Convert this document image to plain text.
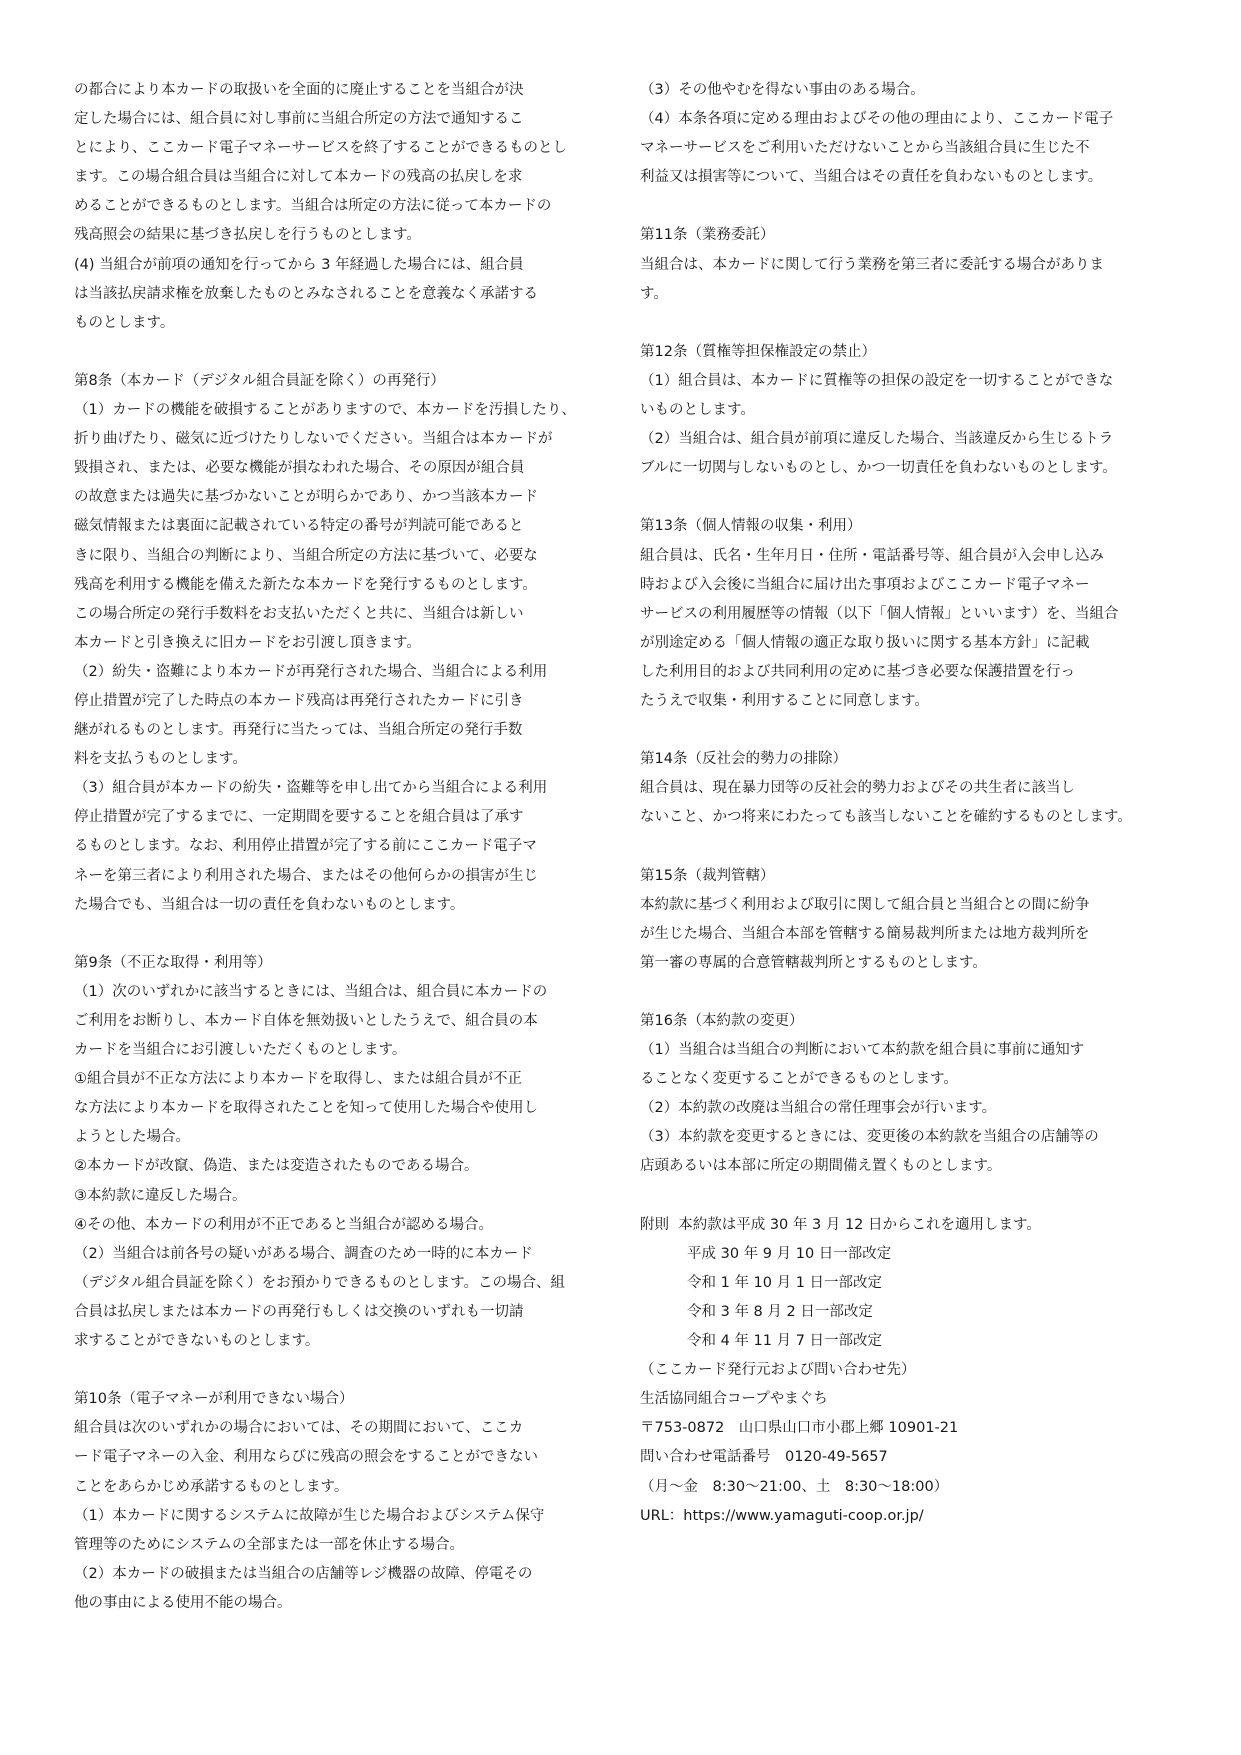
の都合により本カードの取扱いを全面的に廃止することを当組合が決
定した場合には、組合員に対し事前に当組合所定の方法で通知するこ
とにより、ここカード電子マネーサービスを終了することができるものとし
ます。この場合組合員は当組合に対して本カードの残高の払戻しを求
めることができるものとします。当組合は所定の方法に従って本カードの
残高照会の結果に基づき払戻しを行うものとします。
(4) 当組合が前項の通知を行ってから 3 年経過した場合には、組合員
は当該払戻請求権を放棄したものとみなされることを意義なく承諾する
ものとします。
第8条（本カード（デジタル組合員証を除く）の再発行）
（1）カードの機能を破損することがありますので、本カードを汚損したり、
折り曲げたり、磁気に近づけたりしないでください。当組合は本カードが
毀損され、または、必要な機能が損なわれた場合、その原因が組合員
の故意または過失に基づかないことが明らかであり、かつ当該本カード
磁気情報または裏面に記載されている特定の番号が判読可能であると
きに限り、当組合の判断により、当組合所定の方法に基づいて、必要な
残高を利用する機能を備えた新たな本カードを発行するものとします。
この場合所定の発行手数料をお支払いただくと共に、当組合は新しい
本カードと引き換えに旧カードをお引渡し頂きます。
（2）紛失・盗難により本カードが再発行された場合、当組合による利用
停止措置が完了した時点の本カード残高は再発行されたカードに引き
継がれるものとします。再発行に当たっては、当組合所定の発行手数
料を支払うものとします。
（3）組合員が本カードの紛失・盗難等を申し出てから当組合による利用
停止措置が完了するまでに、一定期間を要することを組合員は了承す
るものとします。なお、利用停止措置が完了する前にここカード電子マ
ネーを第三者により利用された場合、またはその他何らかの損害が生じ
た場合でも、当組合は一切の責任を負わないものとします。
第9条（不正な取得・利用等）
（1）次のいずれかに該当するときには、当組合は、組合員に本カードの
ご利用をお断りし、本カード自体を無効扱いとしたうえで、組合員の本
カードを当組合にお引渡しいただくものとします。
①組合員が不正な方法により本カードを取得し、または組合員が不正
な方法により本カードを取得されたことを知って使用した場合や使用し
ようとした場合。
②本カードが改竄、偽造、または変造されたものである場合。
③本約款に違反した場合。
④その他、本カードの利用が不正であると当組合が認める場合。
（2）当組合は前各号の疑いがある場合、調査のため一時的に本カード
（デジタル組合員証を除く）をお預かりできるものとします。この場合、組
合員は払戻しまたは本カードの再発行もしくは交換のいずれも一切請
求することができないものとします。
第10条（電子マネーが利用できない場合）
組合員は次のいずれかの場合においては、その期間において、ここカ
ード電子マネーの入金、利用ならびに残高の照会をすることができない
ことをあらかじめ承諾するものとします。
（1）本カードに関するシステムに故障が生じた場合およびシステム保守
管理等のためにシステムの全部または一部を休止する場合。
（2）本カードの破損または当組合の店舗等レジ機器の故障、停電その
他の事由による使用不能の場合。
（3）その他やむを得ない事由のある場合。
（4）本条各項に定める理由およびその他の理由により、ここカード電子
マネーサービスをご利用いただけないことから当該組合員に生じた不
利益又は損害等について、当組合はその責任を負わないものとします。
第11条（業務委託）
当組合は、本カードに関して行う業務を第三者に委託する場合がありま
す。
第12条（質権等担保権設定の禁止）
（1）組合員は、本カードに質権等の担保の設定を一切することができな
いものとします。
（2）当組合は、組合員が前項に違反した場合、当該違反から生じるトラ
ブルに一切関与しないものとし、かつ一切責任を負わないものとします。
第13条（個人情報の収集・利用）
組合員は、氏名・生年月日・住所・電話番号等、組合員が入会申し込み
時および入会後に当組合に届け出た事項およびここカード電子マネー
サービスの利用履歴等の情報（以下「個人情報」といいます）を、当組合
が別途定める「個人情報の適正な取り扱いに関する基本方針」に記載
した利用目的および共同利用の定めに基づき必要な保護措置を行っ
たうえで収集・利用することに同意します。
第14条（反社会的勢力の排除）
組合員は、現在暴力団等の反社会的勢力およびその共生者に該当し
ないこと、かつ将来にわたっても該当しないことを確約するものとします。
第15条（裁判管轄）
本約款に基づく利用および取引に関して組合員と当組合との間に紛争
が生じた場合、当組合本部を管轄する簡易裁判所または地方裁判所を
第一審の専属的合意管轄裁判所とするものとします。
第16条（本約款の変更）
（1）当組合は当組合の判断において本約款を組合員に事前に通知す
ることなく変更することができるものとします。
（2）本約款の改廃は当組合の常任理事会が行います。
（3）本約款を変更するときには、変更後の本約款を当組合の店舗等の
店頭あるいは本部に所定の期間備え置くものとします。
附則 本約款は平成 30 年 3 月 12 日からこれを適用します。
平成 30 年 9 月 10 日一部改定
令和 1 年 10 月 1 日一部改定
令和 3 年 8 月 2 日一部改定
令和 4 年 11 月 7 日一部改定
（ここカード発行元および問い合わせ先）
生活協同組合コープやまぐち
〒753-0872　山口県山口市小郡上郷 10901-21
問い合わせ電話番号　0120-49-5657
（月～金　8:30～21:00、土　8:30～18:00）
URL：https://www.yamaguti-coop.or.jp/
